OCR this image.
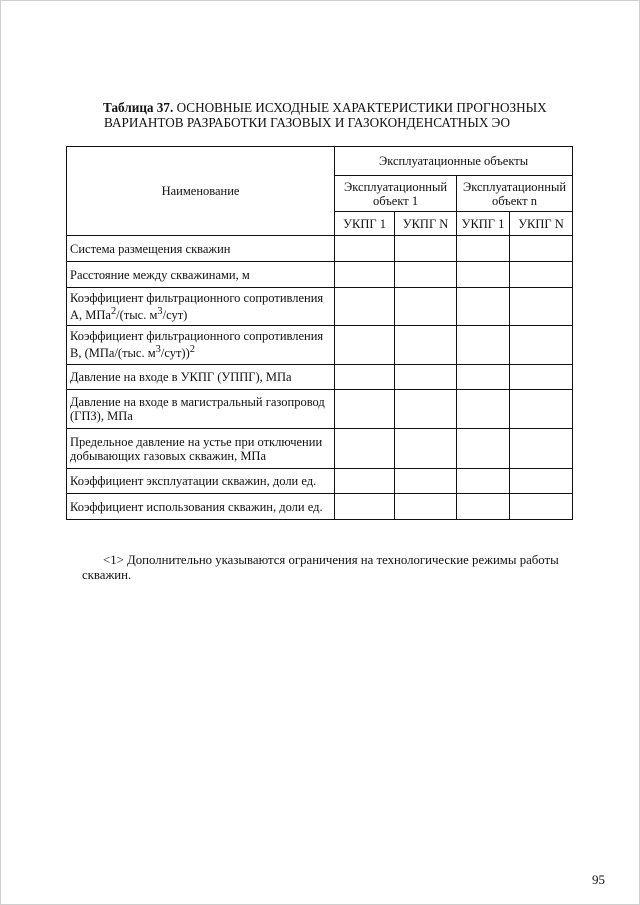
Таблица 37. ОСНОВНЫЕ ИСХОДНЫЕ ХАРАКТЕРИСТИКИ ПРОГНОЗНЫХ
ВАРИАНТОВ РАЗРАБОТКИ ГАЗОВЫХ И ГАЗОКОНДЕНСАТНЫХ ЭО

Наименование	Эксплуатационные объекты			
	Эксплуатационный объект 1		Эксплуатационный объект n	
	УКПГ 1	УКПГ N	УКПГ 1	УКПГ N
Система размещения скважин				
Расстояние между скважинами, м				
Коэффициент фильтрационного сопротивления А, МПа$^2$/(тыс. $м^3/сут$)				
Коэффициент фильтрационного сопротивления В, (МПа/(тыс. $м^3/сут))^2$				
Давление на входе в УКПГ (УППГ), МПа				
Давление на входе в магистральный газопровод (ГПЗ), МПа				
Предельное давление на устье при отключении добывающих газовых скважин, МПа				
Коэффициент эксплуатации скважин, доли ед.				
Коэффициент использования скважин, доли ед.				

<1> Дополнительно указываются ограничения на технологические режимы работы скважин.

95
